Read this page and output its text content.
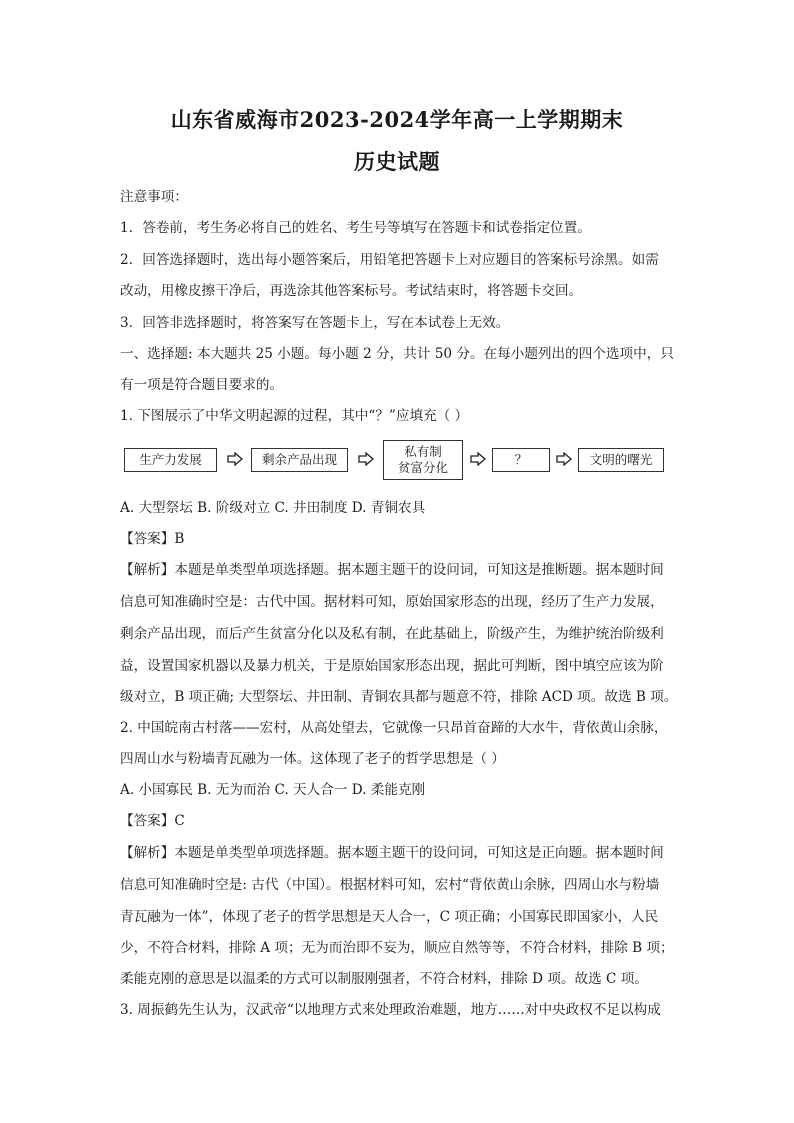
山东省威海市2023-2024学年高一上学期期末
历史试题
注意事项：
1．答卷前，考生务必将自己的姓名、考生号等填写在答题卡和试卷指定位置。
2．回答选择题时，选出每小题答案后，用铅笔把答题卡上对应题目的答案标号涂黑。如需
改动，用橡皮擦干净后，再选涂其他答案标号。考试结束时，将答题卡交回。
3．回答非选择题时，将答案写在答题卡上，写在本试卷上无效。
一、选择题: 本大题共 25 小题。每小题 2 分，共计 50 分。在每小题列出的四个选项中，只
有一项是符合题目要求的。
1. 下图展示了中华文明起源的过程，其中“？”应填充（ ）
生产力发展	剩余产品出现
私有制
贫富分化
？	文明的曙光
A. 大型祭坛 B. 阶级对立 C. 井田制度 D. 青铜农具
【答案】B
【解析】本题是单类型单项选择题。据本题主题干的设问词，可知这是推断题。据本题时间
信息可知准确时空是：古代中国。据材料可知，原始国家形态的出现，经历了生产力发展，
剩余产品出现，而后产生贫富分化以及私有制，在此基础上，阶级产生，为维护统治阶级利
益，设置国家机器以及暴力机关，于是原始国家形态出现，据此可判断，图中填空应该为阶
级对立，B 项正确; 大型祭坛、井田制、青铜农具都与题意不符，排除 ACD 项。故选 B 项。
2. 中国皖南古村落——宏村，从高处望去，它就像一只昂首奋蹄的大水牛，背依黄山余脉，
四周山水与粉墙青瓦融为一体。这体现了老子的哲学思想是（ ）
A. 小国寡民 B. 无为而治 C. 天人合一 D. 柔能克刚
【答案】C
【解析】本题是单类型单项选择题。据本题主题干的设问词，可知这是正向题。据本题时间
信息可知准确时空是: 古代（中国）。根据材料可知，宏村“背依黄山余脉，四周山水与粉墙
青瓦融为一体”，体现了老子的哲学思想是天人合一，C 项正确；小国寡民即国家小，人民
少，不符合材料，排除 A 项；无为而治即不妄为，顺应自然等等，不符合材料，排除 B 项；
柔能克刚的意思是以温柔的方式可以制服刚强者，不符合材料，排除 D 项。故选 C 项。
3. 周振鹤先生认为，汉武帝“以地理方式来处理政治难题，地方……对中央政权不足以构成
